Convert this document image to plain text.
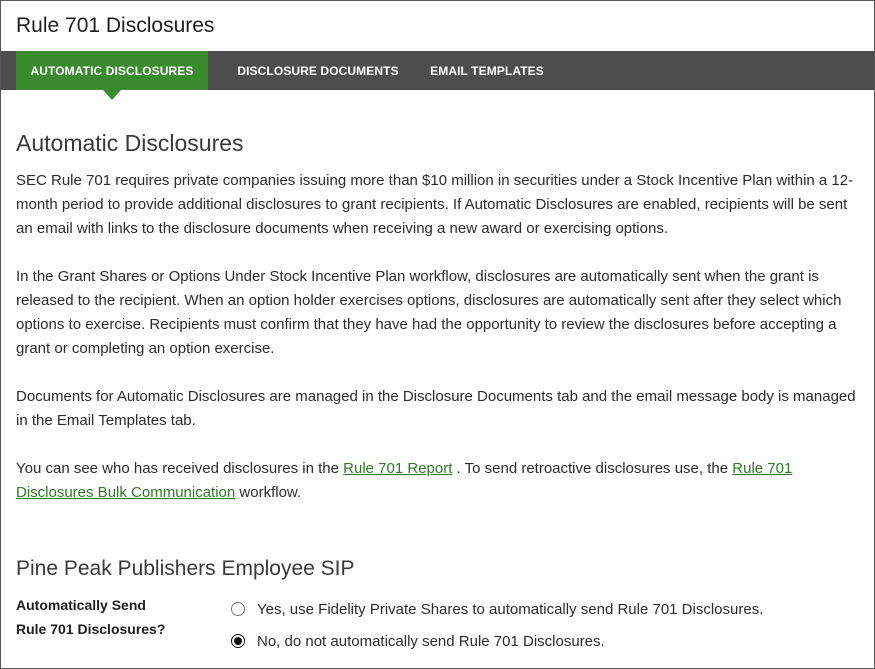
Rule 701 Disclosures
AUTOMATIC DISCLOSURES	DISCLOSURE DOCUMENTS	EMAIL TEMPLATES
Automatic Disclosures

SEC Rule 701 requires private companies issuing more than $10 million in securities under a Stock Incentive Plan within a 12-month period to provide additional disclosures to grant recipients. If Automatic Disclosures are enabled, recipients will be sent an email with links to the disclosure documents when receiving a new award or exercising options.

In the Grant Shares or Options Under Stock Incentive Plan workflow, disclosures are automatically sent when the grant is released to the recipient. When an option holder exercises options, disclosures are automatically sent after they select which options to exercise. Recipients must confirm that they have had the opportunity to review the disclosures before accepting a grant or completing an option exercise.

Documents for Automatic Disclosures are managed in the Disclosure Documents tab and the email message body is managed in the Email Templates tab.

You can see who has received disclosures in the Rule 701 Report . To send retroactive disclosures use, the Rule 701 Disclosures Bulk Communication workflow.

Pine Peak Publishers Employee SIP
Automatically Send
Rule 701 Disclosures?
Yes, use Fidelity Private Shares to automatically send Rule 701 Disclosures.
No, do not automatically send Rule 701 Disclosures.
